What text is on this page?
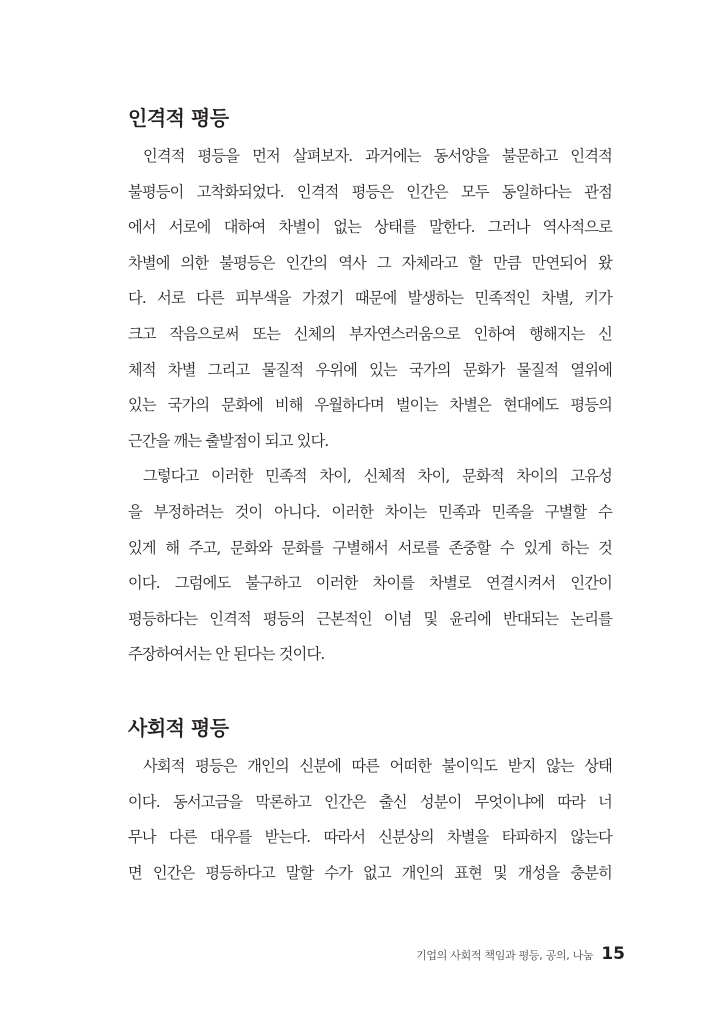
인격적 평등
인격적 평등을 먼저 살펴보자. 과거에는 동서양을 불문하고 인격적
불평등이 고착화되었다. 인격적 평등은 인간은 모두 동일하다는 관점
에서 서로에 대하여 차별이 없는 상태를 말한다. 그러나 역사적으로
차별에 의한 불평등은 인간의 역사 그 자체라고 할 만큼 만연되어 왔
다. 서로 다른 피부색을 가졌기 때문에 발생하는 민족적인 차별, 키가
크고 작음으로써 또는 신체의 부자연스러움으로 인하여 행해지는 신
체적 차별 그리고 물질적 우위에 있는 국가의 문화가 물질적 열위에
있는 국가의 문화에 비해 우월하다며 벌이는 차별은 현대에도 평등의
근간을 깨는 출발점이 되고 있다.
그렇다고 이러한 민족적 차이, 신체적 차이, 문화적 차이의 고유성
을 부정하려는 것이 아니다. 이러한 차이는 민족과 민족을 구별할 수
있게 해 주고, 문화와 문화를 구별해서 서로를 존중할 수 있게 하는 것
이다. 그럼에도 불구하고 이러한 차이를 차별로 연결시켜서 인간이
평등하다는 인격적 평등의 근본적인 이념 및 윤리에 반대되는 논리를
주장하여서는 안 된다는 것이다.
사회적 평등
사회적 평등은 개인의 신분에 따른 어떠한 불이익도 받지 않는 상태
이다. 동서고금을 막론하고 인간은 출신 성분이 무엇이냐에 따라 너
무나 다른 대우를 받는다. 따라서 신분상의 차별을 타파하지 않는다
면 인간은 평등하다고 말할 수가 없고 개인의 표현 및 개성을 충분히
기업의 사회적 책임과 평등, 공의, 나눔 15
